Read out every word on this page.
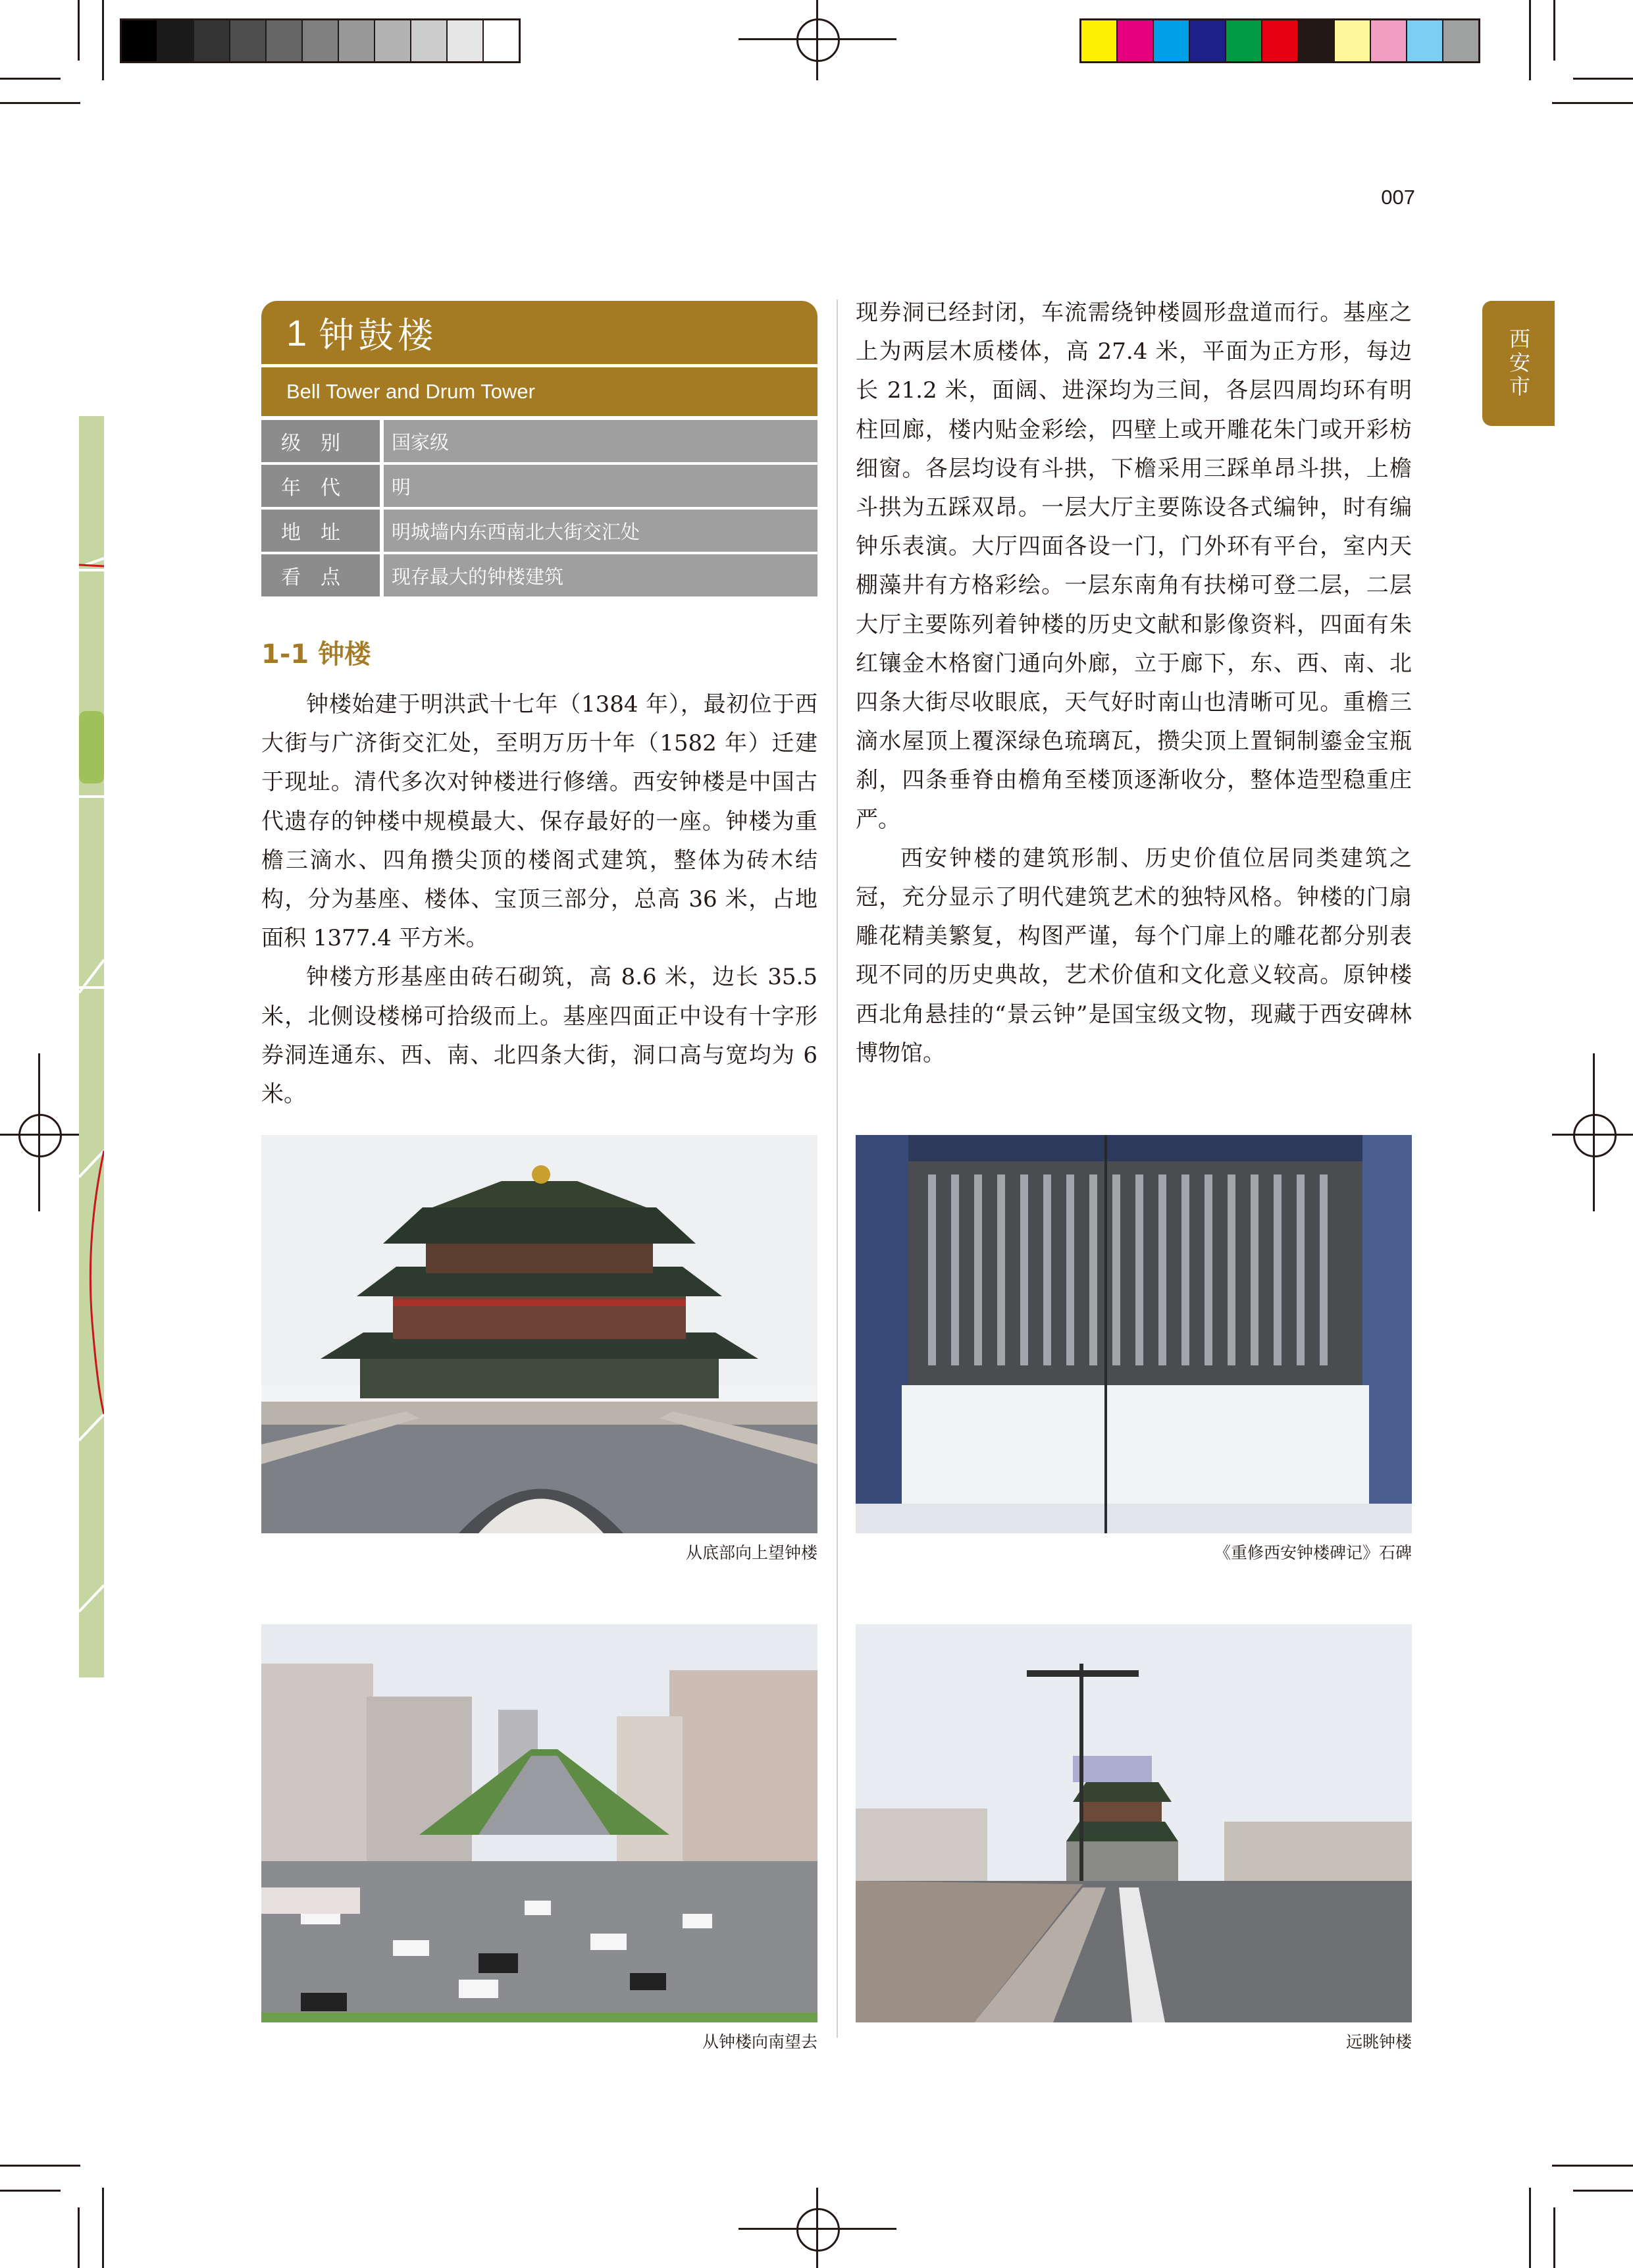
007
西安市
1 钟鼓楼
Bell Tower and Drum Tower
级　别	国家级
年　代	明
地　址	明城墙内东西南北大街交汇处
看　点	现存最大的钟楼建筑
1-1 钟楼

钟楼始建于明洪武十七年（1384 年），最初位于西大街与广济街交汇处，至明万历十年（1582 年）迁建于现址。清代多次对钟楼进行修缮。西安钟楼是中国古代遗存的钟楼中规模最大、保存最好的一座。钟楼为重檐三滴水、四角攒尖顶的楼阁式建筑，整体为砖木结构，分为基座、楼体、宝顶三部分，总高 36 米，占地面积 1377.4 平方米。

钟楼方形基座由砖石砌筑，高 8.6 米，边长 35.5 米，北侧设楼梯可拾级而上。基座四面正中设有十字形券洞连通东、西、南、北四条大街，洞口高与宽均为 6 米。

现券洞已经封闭，车流需绕钟楼圆形盘道而行。基座之上为两层木质楼体，高 27.4 米，平面为正方形，每边长 21.2 米，面阔、进深均为三间，各层四周均环有明柱回廊，楼内贴金彩绘，四壁上或开雕花朱门或开彩枋细窗。各层均设有斗拱，下檐采用三踩单昂斗拱，上檐斗拱为五踩双昂。一层大厅主要陈设各式编钟，时有编钟乐表演。大厅四面各设一门，门外环有平台，室内天棚藻井有方格彩绘。一层东南角有扶梯可登二层，二层大厅主要陈列着钟楼的历史文献和影像资料，四面有朱红镶金木格窗门通向外廊，立于廊下，东、西、南、北四条大街尽收眼底，天气好时南山也清晰可见。重檐三滴水屋顶上覆深绿色琉璃瓦，攒尖顶上置铜制鎏金宝瓶刹，四条垂脊由檐角至楼顶逐渐收分，整体造型稳重庄严。

西安钟楼的建筑形制、历史价值位居同类建筑之冠，充分显示了明代建筑艺术的独特风格。钟楼的门扇雕花精美繁复，构图严谨，每个门扉上的雕花都分别表现不同的历史典故，艺术价值和文化意义较高。原钟楼西北角悬挂的“景云钟”是国宝级文物，现藏于西安碑林博物馆。

从底部向上望钟楼	《重修西安钟楼碑记》石碑
从钟楼向南望去	远眺钟楼
